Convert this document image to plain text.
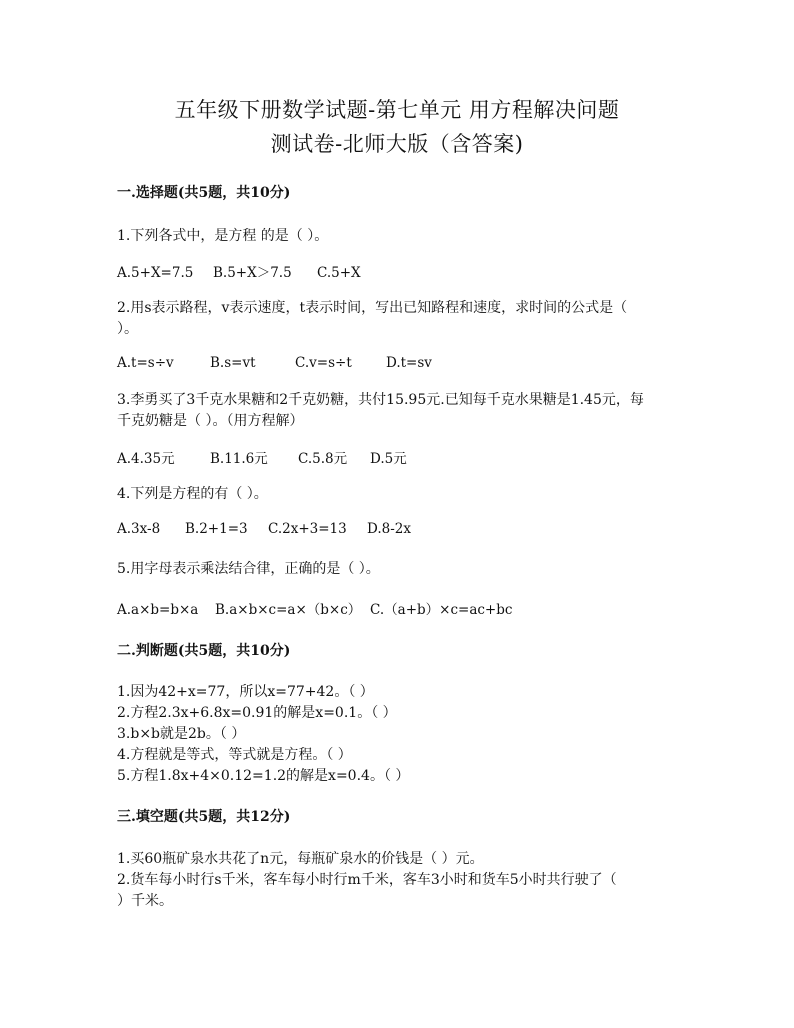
五年级下册数学试题-第七单元 用方程解决问题
测试卷-北师大版（含答案)
一.选择题(共5题，共10分)
1.下列各式中，是方程 的是（ ）。
A.5+X=7.5 B.5+X＞7.5 C.5+X
2.用s表示路程，v表示速度，t表示时间，写出已知路程和速度，求时间的公式是（
）。
A.t=s÷v	B.s=vt	C.v=s÷t	D.t=sv
3.李勇买了3千克水果糖和2千克奶糖，共付15.95元.已知每千克水果糖是1.45元，每
千克奶糖是（ ）。（用方程解）
A.4.35元	B.11.6元 C.5.8元 D.5元
4.下列是方程的有（ ）。
A.3x-8 B.2+1=3 C.2x+3=13 D.8-2x
5.用字母表示乘法结合律，正确的是（ ）。
A.a×b=b×a B.a×b×c=a×（b×c） C.（a+b）×c=ac+bc
二.判断题(共5题，共10分)
1.因为42+x=77，所以x=77+42。（ ）
2.方程2.3x+6.8x=0.91的解是x=0.1。（ ）
3.b×b就是2b。（ ）
4.方程就是等式，等式就是方程。（ ）
5.方程1.8x+4×0.12=1.2的解是x=0.4。（ ）
三.填空题(共5题，共12分)
1.买60瓶矿泉水共花了n元，每瓶矿泉水的价钱是（ ）元。
2.货车每小时行s千米，客车每小时行m千米，客车3小时和货车5小时共行驶了（
）千米。
